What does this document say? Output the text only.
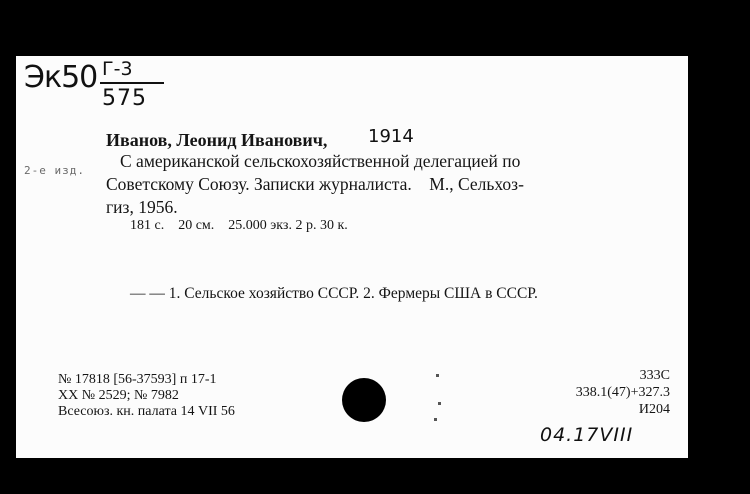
Эк50 Г-3
575
2-е изд.
Иванов, Леонид Иванович, 1914
С американской сельскохозяйственной делегацией по
Советскому Союзу. Записки журналиста.    М., Сельхоз-
гиз, 1956.
181 с.    20 см.    25.000 экз. 2 р. 30 к.
— — 1. Сельское хозяйство СССР. 2. Фермеры США в СССР.
№ 17818 [56-37593] п 17-1
XX № 2529; № 7982
Всесоюз. кн. палата 14 VII 56
333С
338.1(47)+327.3
И204
04.17VIII
